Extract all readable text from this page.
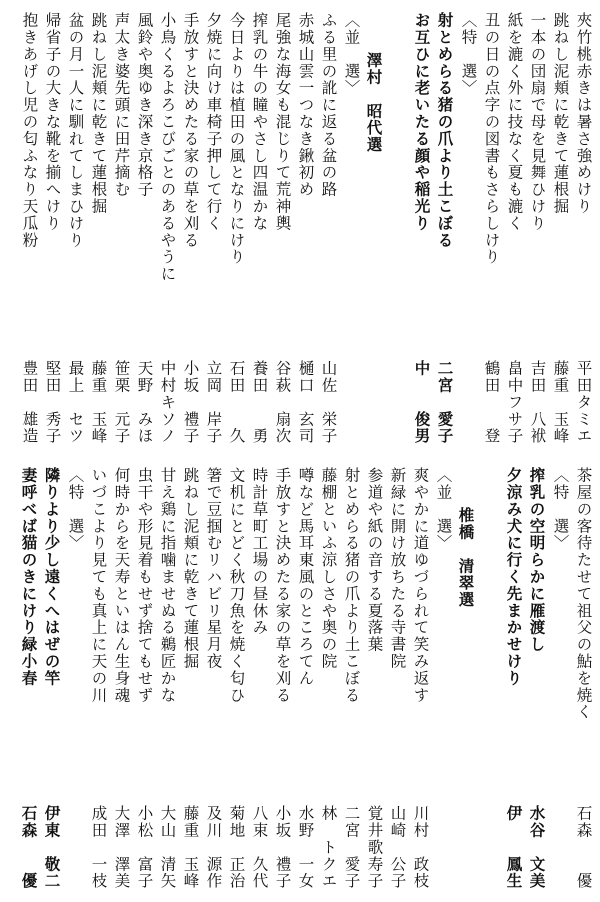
夾竹桃赤きは暑さ強めけり
跳ねし泥頬に乾きて蓮根掘
一本の団扇で母を見舞ひけり
紙を漉く外に技なく夏も漉く
丑の日の点字の図書もさらしけり
〈特　選〉
射とめらる猪の爪より土こぼる
お互ひに老いたる顔や稲光り
澤村　昭代選
〈並　選〉
ふる里の訛に返る盆の路
赤城山雲一つなき鍬初め
尾強な海女も混じりて荒神輿
搾乳の牛の瞳やさし四温かな
今日よりは植田の風となりにけり
夕焼に向け車椅子押して行く
手放すと決めたる家の草を刈る
小鳥くるよろこびごとのあるやうに
風鈴や奥ゆき深き京格子
声太き婆先頭に田芹摘む
跳ねし泥頬に乾きて蓮根掘
盆の月一人に馴れてしまひけり
帰省子の大きな靴を揃へけり
抱きあげし児の匂ふなり天瓜粉
平田タミエ
藤重　玉峰
吉田　八袱
畠中フサ子
鶴田　　登
二宮　愛子
中　　俊男
山佐　栄子
樋口　玄司
谷萩　扇次
養田　　勇
石田　　久
立岡　岸子
小坂　禮子
中村キソノ
天野　みほ
笹栗　元子
藤重　玉峰
最上　セツ
堅田　秀子
豊田　雄造
茶屋の客待たせて祖父の鮎を焼く
〈特　選〉
搾乳の空明らかに雁渡し
夕涼み犬に行く先まかせけり
椎橋　清翠選
〈並　選〉
爽やかに道ゆづられて笑み返す
新緑に開け放ちたる寺書院
参道や紙の音する夏落葉
射とめらる猪の爪より土こぼる
藤棚といふ涼しさや奥の院
噂など馬耳東風のところてん
手放すと決めたる家の草を刈る
時計草町工場の昼休み
文机にとどく秋刀魚を焼く匂ひ
箸で豆掴むリハビリ星月夜
跳ねし泥頬に乾きて蓮根掘
甘え鶏に指噛ませぬる鵜匠かな
虫干や形見着もせず捨てもせず
何時からを天寿といはん生身魂
いづこより見ても真上に天の川
〈特　選〉
隣りより少し遠くへはぜの竿
妻呼べば猫のきにけり緑小春
石森　　優
水谷　文美
伊　　鳳生
川村　政枝
山崎　公子
覚井歌寿子
二宮　愛子
林　トクエ
水野　一女
小坂　禮子
八束　久代
菊地　正治
及川　源作
藤重　玉峰
大山　清矢
小松　富子
大澤　澤美
成田　一枝
伊東　敬二
石森　　優
